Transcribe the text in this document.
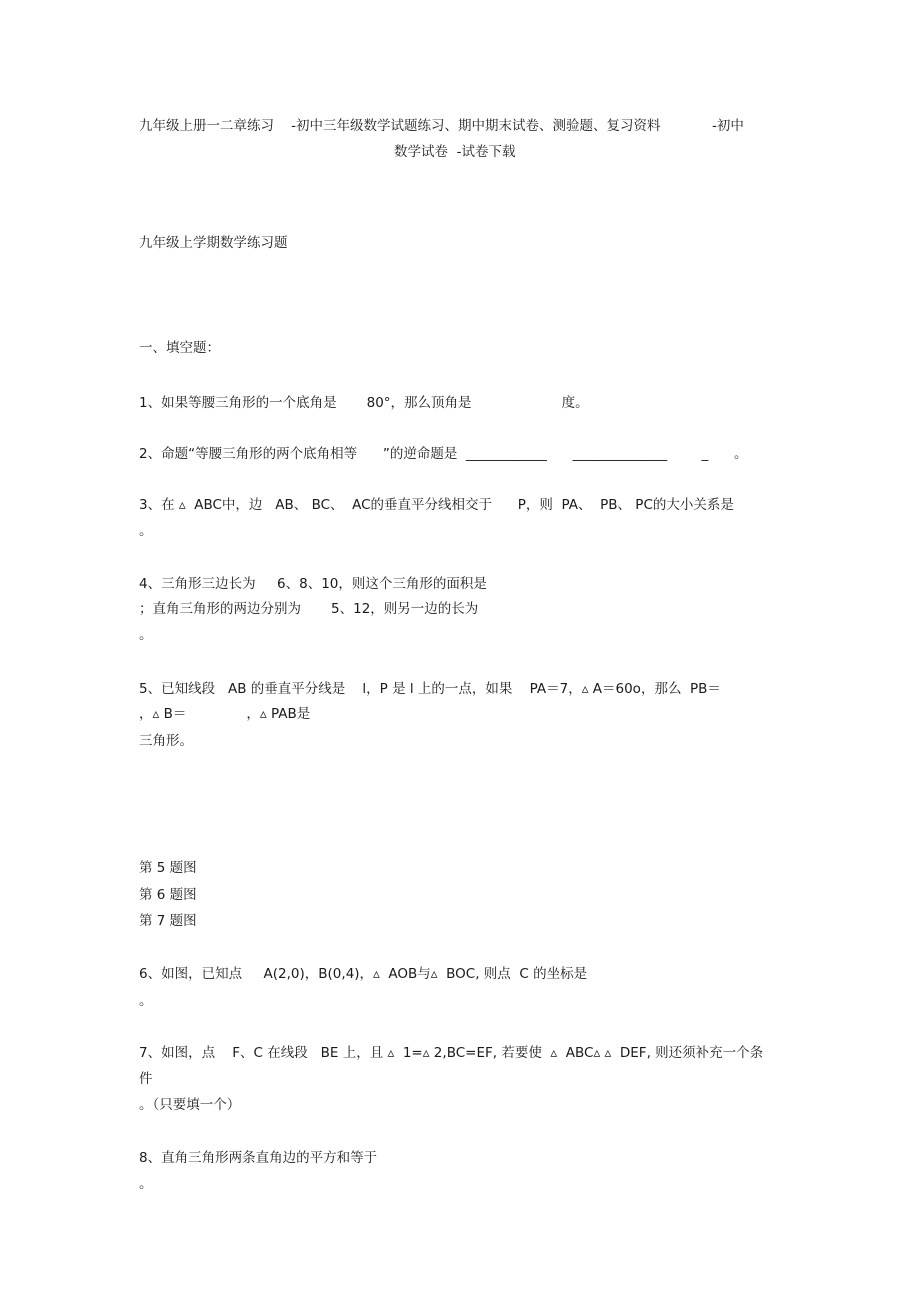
九年级上册一二章练习    -初中三年级数学试题练习、期中期末试卷、测验题、复习资料            -初中
数学试卷  -试卷下载
九年级上学期数学练习题
一、填空题：
1、如果等腰三角形的一个底角是       80°，那么顶角是                     度。
2、命题“等腰三角形的两个底角相等      ”的逆命题是  ____________      ______________        _      。
3、在 ▵  ABC中，边   AB、 BC、  AC的垂直平分线相交于      P，则  PA、  PB、 PC的大小关系是
。
4、三角形三边长为     6、8、10，则这个三角形的面积是
；直角三角形的两边分别为       5、12，则另一边的长为
。
5、已知线段   AB 的垂直平分线是    l，P 是 l 上的一点，如果    PA＝7，▵ A＝60o，那么  PB＝
，▵ B＝              ，▵ PAB是
三角形。
第 5 题图
第 6 题图
第 7 题图
6、如图，已知点     A(2,0)，B(0,4)，▵  AOB与▵  BOC, 则点  C 的坐标是
。
7、如图，点    F、C 在线段   BE 上，且 ▵  1=▵ 2,BC=EF, 若要使  ▵  ABC▵ ▵  DEF, 则还须补充一个条
件
。（只要填一个）
8、直角三角形两条直角边的平方和等于
。
